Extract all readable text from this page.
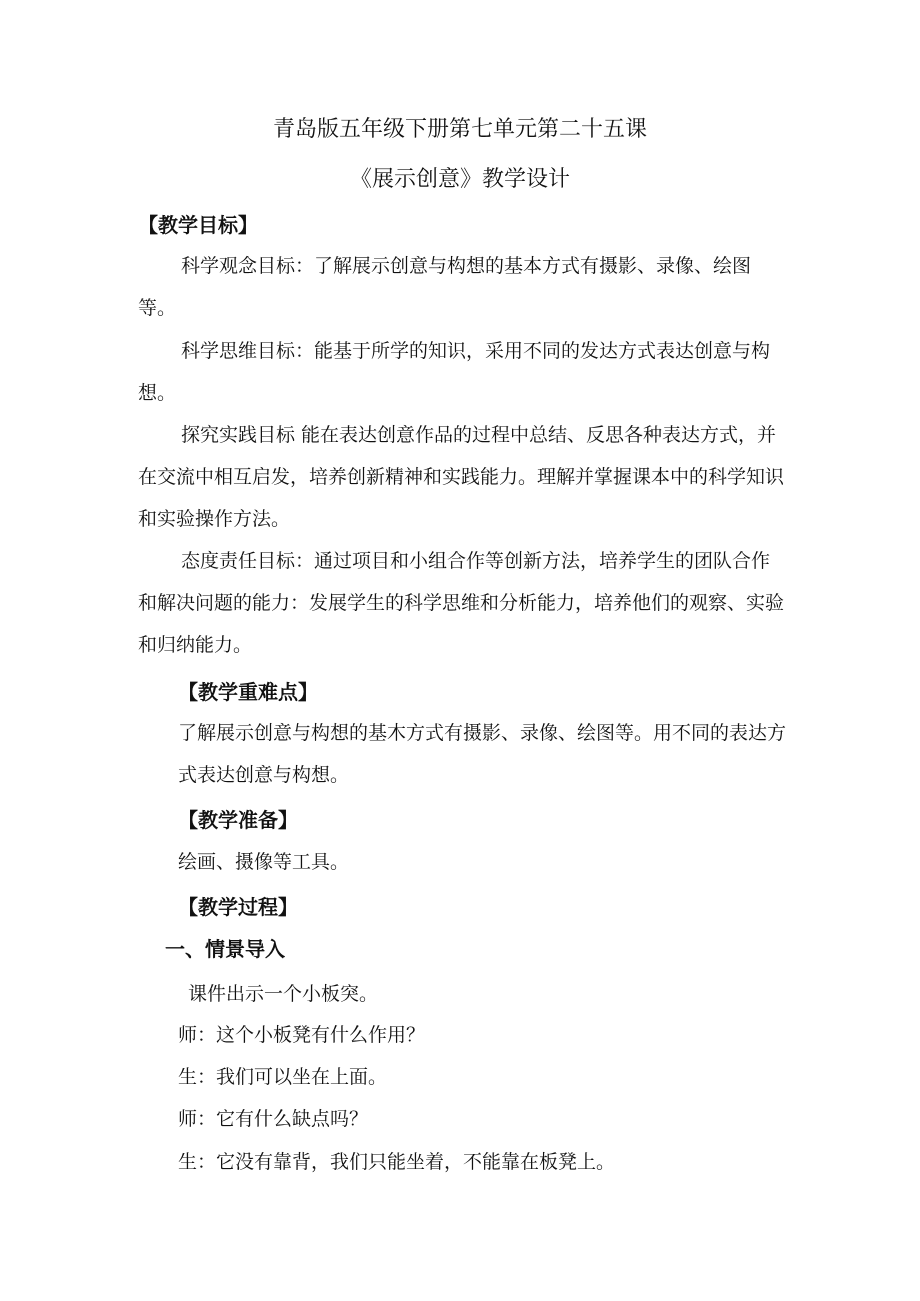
青岛版五年级下册第七单元第二十五课
《展示创意》教学设计
【教学目标】
科学观念目标：了解展示创意与构想的基本方式有摄影、录像、绘图等。
科学思维目标：能基于所学的知识，采用不同的发达方式表达创意与构想。
探究实践目标 能在表达创意作品的过程中总结、反思各种表达方式，并在交流中相互启发，培养创新精神和实践能力。理解并掌握课本中的科学知识和实验操作方法。
态度责任目标：通过项目和小组合作等创新方法，培养学生的团队合作和解决问题的能力：发展学生的科学思维和分析能力，培养他们的观察、实验和归纳能力。
【教学重难点】
了解展示创意与构想的基木方式有摄影、录像、绘图等。用不同的表达方式表达创意与构想。
【教学准备】
绘画、摄像等工具。
【教学过程】
一、情景导入
课件出示一个小板突。
师：这个小板凳有什么作用？
生：我们可以坐在上面。
师：它有什么缺点吗？
生：它没有靠背，我们只能坐着，不能靠在板凳上。
